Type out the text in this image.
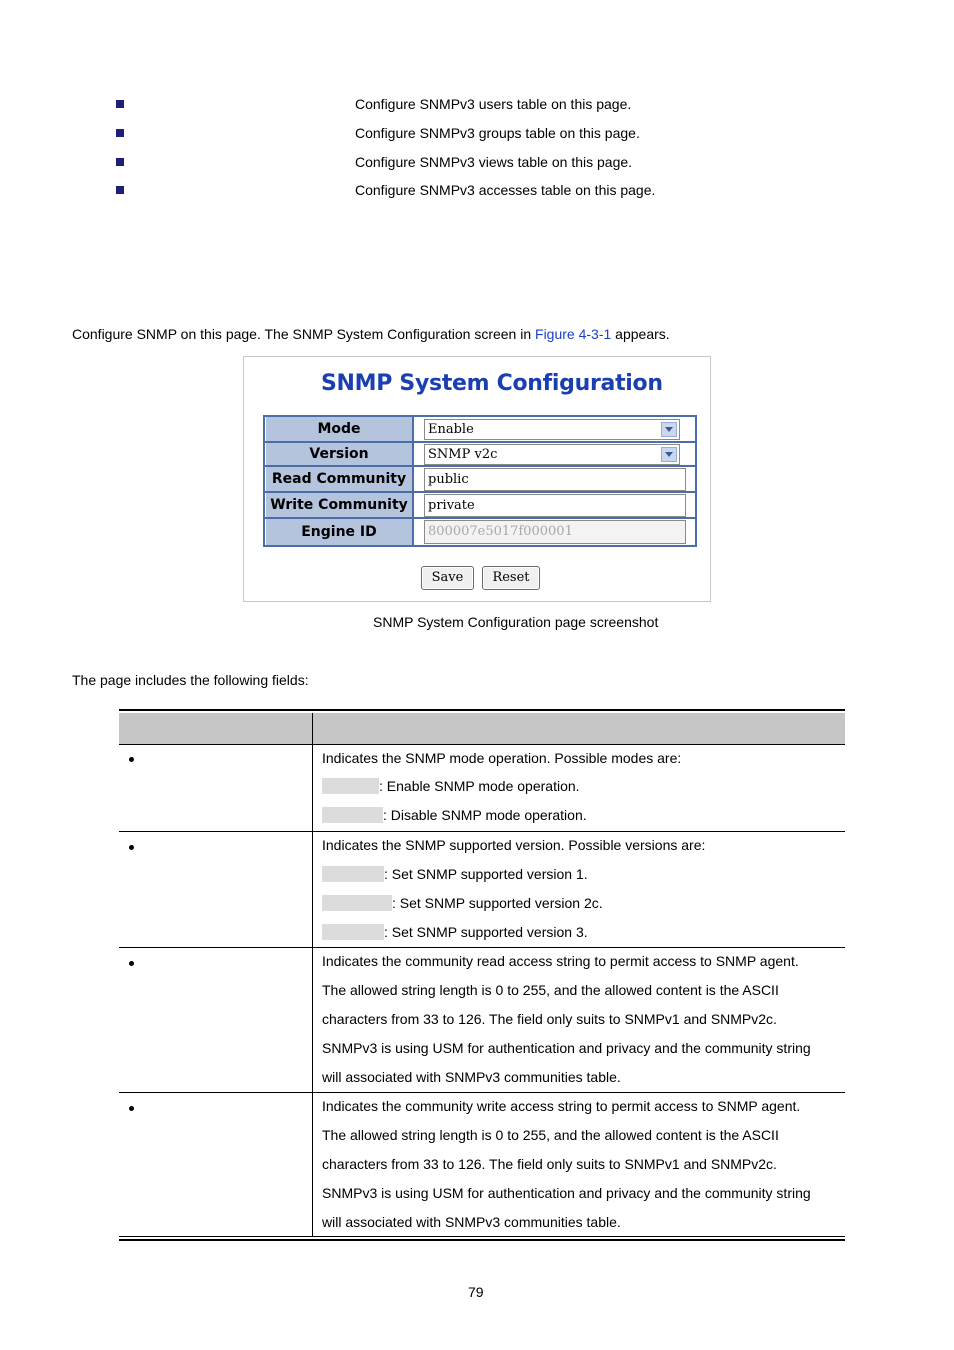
Configure SNMPv3 users table on this page.
Configure SNMPv3 groups table on this page.
Configure SNMPv3 views table on this page.
Configure SNMPv3 accesses table on this page.
Configure SNMP on this page. The SNMP System Configuration screen in Figure 4-3-1 appears.
SNMP System Configuration
Mode	Enable
Version	SNMP v2c
Read Community	public
Write Community	private
Engine ID	800007e5017f000001
Save	Reset
SNMP System Configuration page screenshot
The page includes the following fields:
Indicates the SNMP mode operation. Possible modes are:
: Enable SNMP mode operation.
: Disable SNMP mode operation.
Indicates the SNMP supported version. Possible versions are:
: Set SNMP supported version 1.
: Set SNMP supported version 2c.
: Set SNMP supported version 3.
Indicates the community read access string to permit access to SNMP agent.
The allowed string length is 0 to 255, and the allowed content is the ASCII
characters from 33 to 126. The field only suits to SNMPv1 and SNMPv2c.
SNMPv3 is using USM for authentication and privacy and the community string
will associated with SNMPv3 communities table.
Indicates the community write access string to permit access to SNMP agent.
The allowed string length is 0 to 255, and the allowed content is the ASCII
characters from 33 to 126. The field only suits to SNMPv1 and SNMPv2c.
SNMPv3 is using USM for authentication and privacy and the community string
will associated with SNMPv3 communities table.
79
